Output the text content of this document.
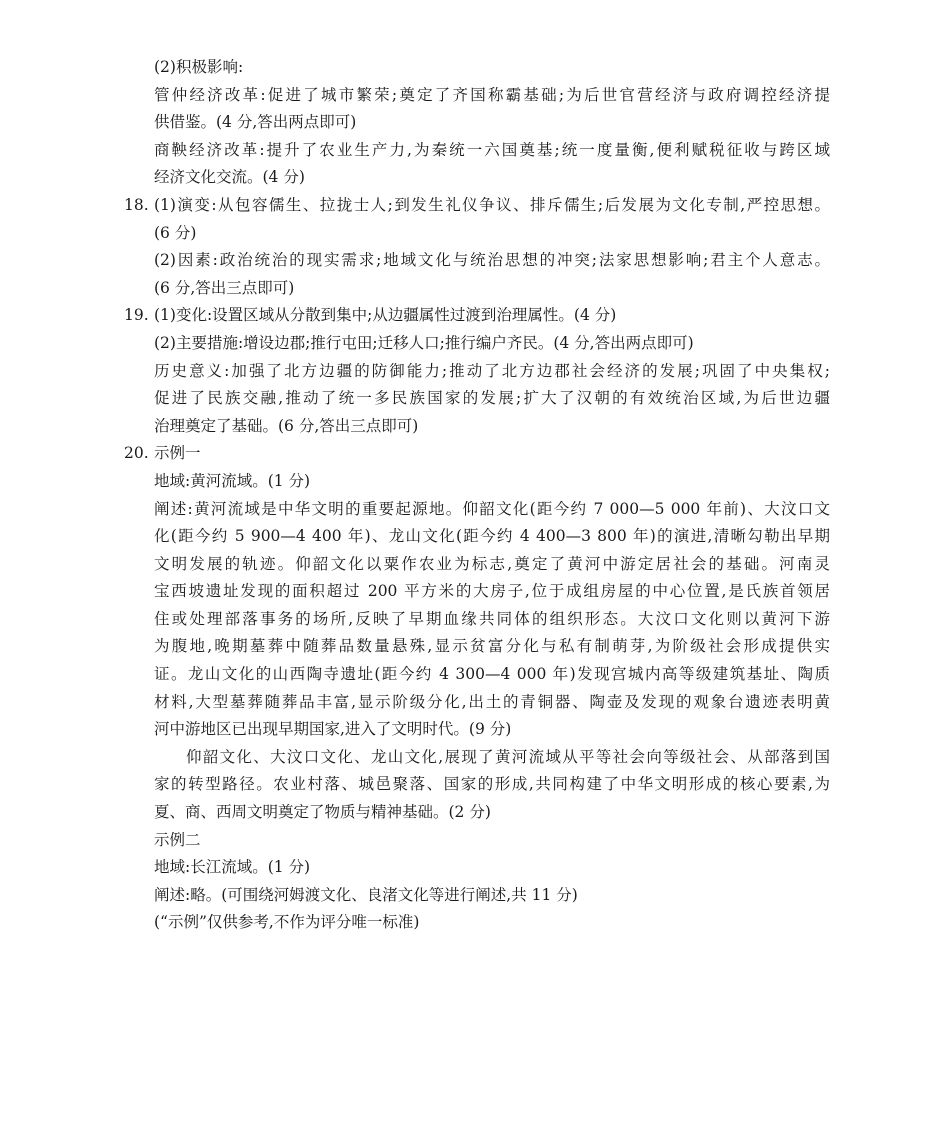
(2)积极影响:
管仲经济改革:促进了城市繁荣;奠定了齐国称霸基础;为后世官营经济与政府调控经济提
供借鉴。(4 分,答出两点即可)
商鞅经济改革:提升了农业生产力,为秦统一六国奠基;统一度量衡,便利赋税征收与跨区域
经济文化交流。(4 分)
18. (1)演变:从包容儒生、拉拢士人;到发生礼仪争议、排斥儒生;后发展为文化专制,严控思想。
(6 分)
(2)因素:政治统治的现实需求;地域文化与统治思想的冲突;法家思想影响;君主个人意志。
(6 分,答出三点即可)
19. (1)变化:设置区域从分散到集中;从边疆属性过渡到治理属性。(4 分)
(2)主要措施:增设边郡;推行屯田;迁移人口;推行编户齐民。(4 分,答出两点即可)
历史意义:加强了北方边疆的防御能力;推动了北方边郡社会经济的发展;巩固了中央集权;
促进了民族交融,推动了统一多民族国家的发展;扩大了汉朝的有效统治区域,为后世边疆
治理奠定了基础。(6 分,答出三点即可)
20. 示例一
地域:黄河流域。(1 分)
阐述:黄河流域是中华文明的重要起源地。仰韶文化(距今约 7 000—5 000 年前)、大汶口文
化(距今约 5 900—4 400 年)、龙山文化(距今约 4 400—3 800 年)的演进,清晰勾勒出早期
文明发展的轨迹。仰韶文化以粟作农业为标志,奠定了黄河中游定居社会的基础。河南灵
宝西坡遗址发现的面积超过 200 平方米的大房子,位于成组房屋的中心位置,是氏族首领居
住或处理部落事务的场所,反映了早期血缘共同体的组织形态。大汶口文化则以黄河下游
为腹地,晚期墓葬中随葬品数量悬殊,显示贫富分化与私有制萌芽,为阶级社会形成提供实
证。龙山文化的山西陶寺遗址(距今约 4 300—4 000 年)发现宫城内高等级建筑基址、陶质
材料,大型墓葬随葬品丰富,显示阶级分化,出土的青铜器、陶壶及发现的观象台遗迹表明黄
河中游地区已出现早期国家,进入了文明时代。(9 分)
仰韶文化、大汶口文化、龙山文化,展现了黄河流域从平等社会向等级社会、从部落到国
家的转型路径。农业村落、城邑聚落、国家的形成,共同构建了中华文明形成的核心要素,为
夏、商、西周文明奠定了物质与精神基础。(2 分)
示例二
地域:长江流域。(1 分)
阐述:略。(可围绕河姆渡文化、良渚文化等进行阐述,共 11 分)
(“示例”仅供参考,不作为评分唯一标准)
